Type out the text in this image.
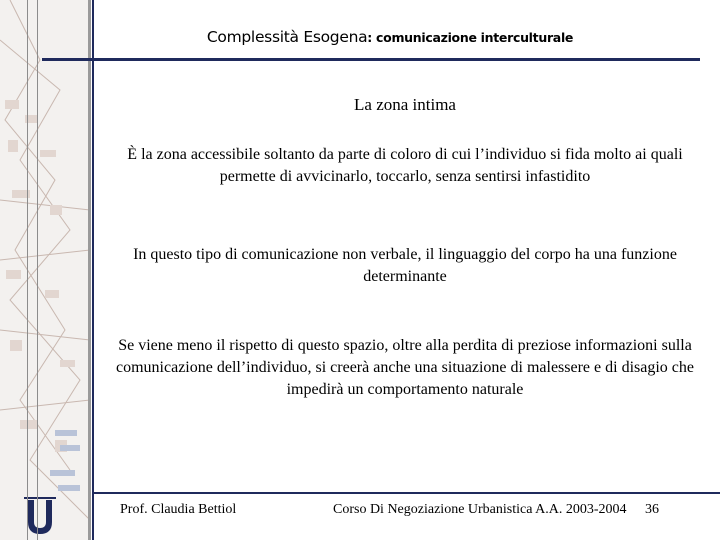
Complessità Esogena: comunicazione interculturale
La zona intima
È la zona accessibile soltanto da parte di coloro di cui l’individuo si fida molto ai quali permette di avvicinarlo, toccarlo, senza sentirsi infastidito
In questo tipo di comunicazione non verbale, il linguaggio del corpo ha una funzione determinante
Se viene meno il rispetto di questo spazio, oltre alla perdita di preziose informazioni sulla comunicazione dell’individuo, si creerà anche una situazione di malessere e di disagio che impedirà un comportamento naturale
Prof. Claudia Bettiol	Corso Di Negoziazione Urbanistica A.A. 2003-2004 36
